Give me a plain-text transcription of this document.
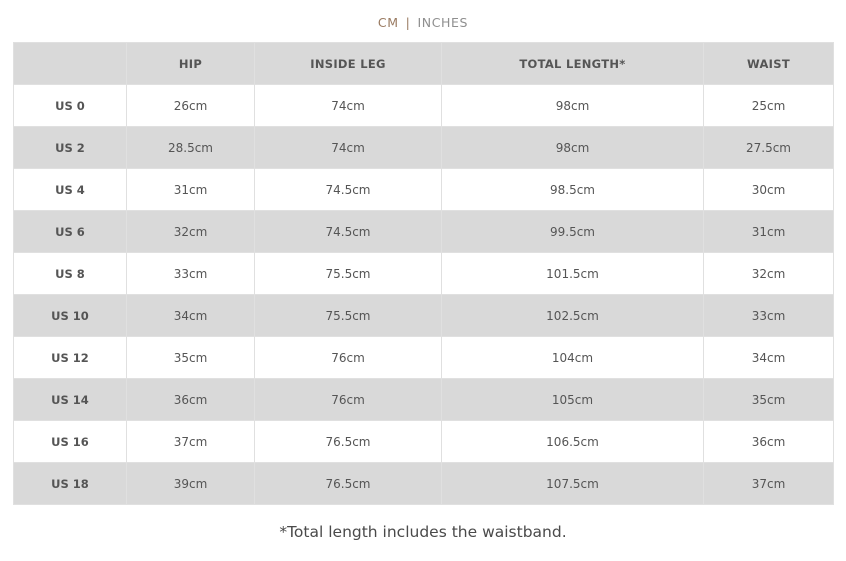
CM | INCHES
	HIP	INSIDE LEG	TOTAL LENGTH*	WAIST
US 0	26cm	74cm	98cm	25cm
US 2	28.5cm	74cm	98cm	27.5cm
US 4	31cm	74.5cm	98.5cm	30cm
US 6	32cm	74.5cm	99.5cm	31cm
US 8	33cm	75.5cm	101.5cm	32cm
US 10	34cm	75.5cm	102.5cm	33cm
US 12	35cm	76cm	104cm	34cm
US 14	36cm	76cm	105cm	35cm
US 16	37cm	76.5cm	106.5cm	36cm
US 18	39cm	76.5cm	107.5cm	37cm
*Total length includes the waistband.
